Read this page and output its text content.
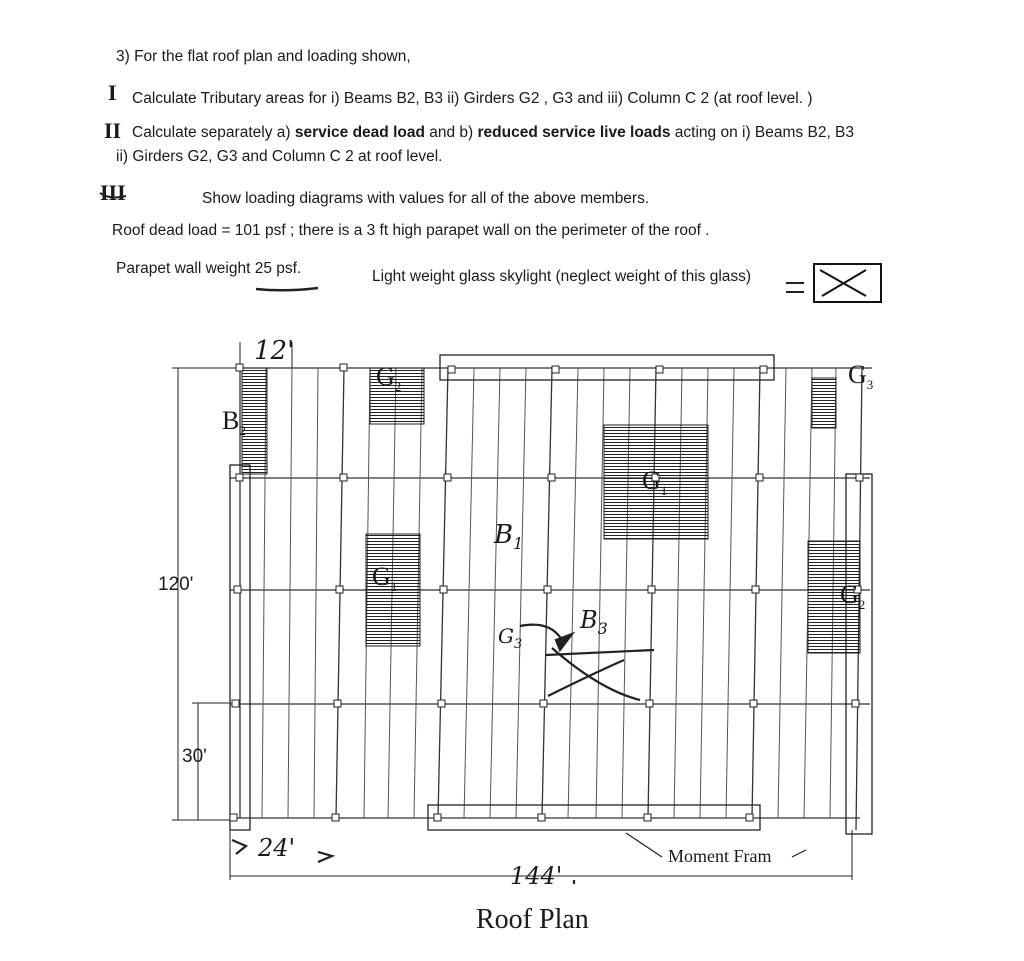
3) For the flat roof plan and loading shown,
I Calculate Tributary areas for i) Beams B2, B3 ii) Girders G2 , G3 and iii) Column C 2 (at roof level. )
II Calculate separately a) service dead load and b) reduced service live loads acting on i) Beams B2, B3
ii) Girders G2, G3 and Column C 2 at roof level.
III	Show loading diagrams with values for all of the above members.
Roof dead load = 101 psf ; there is a 3 ft high parapet wall on the perimeter of the roof .
Parapet wall weight 25 psf.	Light weight glass skylight (neglect weight of this glass)
12'
120'
30'
24'
144'
$B_2$
$B_1$
$B_3$
$G_2$
$G_1$
$G_1$
$G_3$
$G_2$
$G_3$
Moment Fram
Roof Plan
